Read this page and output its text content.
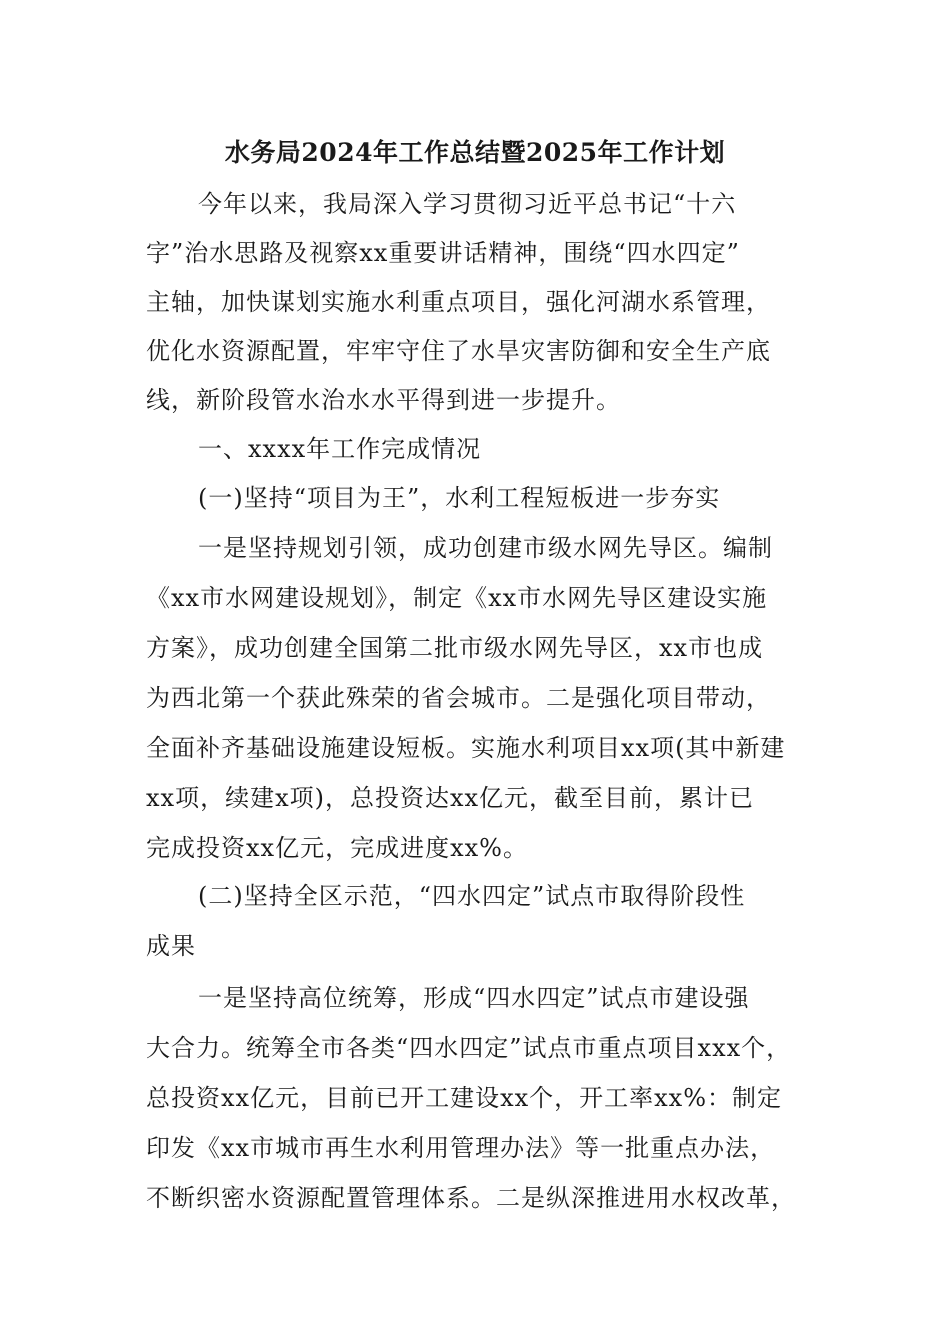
水务局2024年工作总结暨2025年工作计划
今年以来，我局深入学习贯彻习近平总书记“十六
字”治水思路及视察xx重要讲话精神，围绕“四水四定”
主轴，加快谋划实施水利重点项目，强化河湖水系管理，
优化水资源配置，牢牢守住了水旱灾害防御和安全生产底
线，新阶段管水治水水平得到进一步提升。
一、xxxx年工作完成情况
(一)坚持“项目为王”，水利工程短板进一步夯实
一是坚持规划引领，成功创建市级水网先导区。编制
《xx市水网建设规划》，制定《xx市水网先导区建设实施
方案》，成功创建全国第二批市级水网先导区，xx市也成
为西北第一个获此殊荣的省会城市。二是强化项目带动，
全面补齐基础设施建设短板。实施水利项目xx项(其中新建
xx项，续建x项)，总投资达xx亿元，截至目前，累计已
完成投资xx亿元，完成进度xx%。
(二)坚持全区示范，“四水四定”试点市取得阶段性
成果
一是坚持高位统筹，形成“四水四定”试点市建设强
大合力。统筹全市各类“四水四定”试点市重点项目xxx个，
总投资xx亿元，目前已开工建设xx个，开工率xx%：制定
印发《xx市城市再生水利用管理办法》等一批重点办法，
不断织密水资源配置管理体系。二是纵深推进用水权改革，
